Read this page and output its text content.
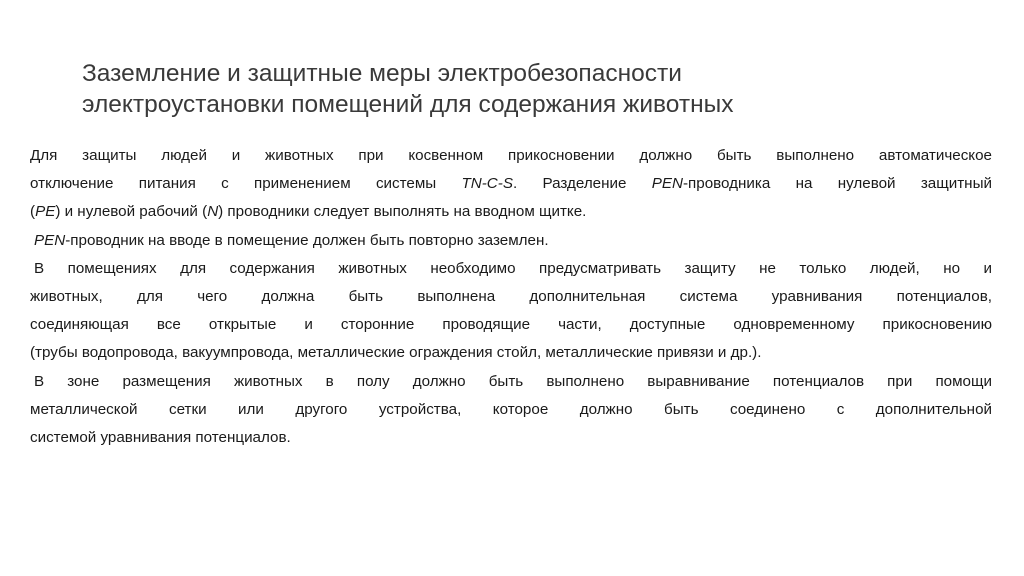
Заземление и защитные меры электробезопасности
электроустановки помещений для содержания животных

Для защиты людей и животных при косвенном прикосновении должно быть выполнено автоматическое
отключение питания с применением системы TN-C-S. Разделение PEN-проводника на нулевой защитный
(PE) и нулевой рабочий (N) проводники следует выполнять на вводном щитке.

PEN-проводник на вводе в помещение должен быть повторно заземлен.

В помещениях для содержания животных необходимо предусматривать защиту не только людей, но и
животных, для чего должна быть выполнена дополнительная система уравнивания потенциалов,
соединяющая все открытые и сторонние проводящие части, доступные одновременному прикосновению
(трубы водопровода, вакуумпровода, металлические ограждения стойл, металлические привязи и др.).

В зоне размещения животных в полу должно быть выполнено выравнивание потенциалов при помощи
металлической сетки или другого устройства, которое должно быть соединено с дополнительной
системой уравнивания потенциалов.
